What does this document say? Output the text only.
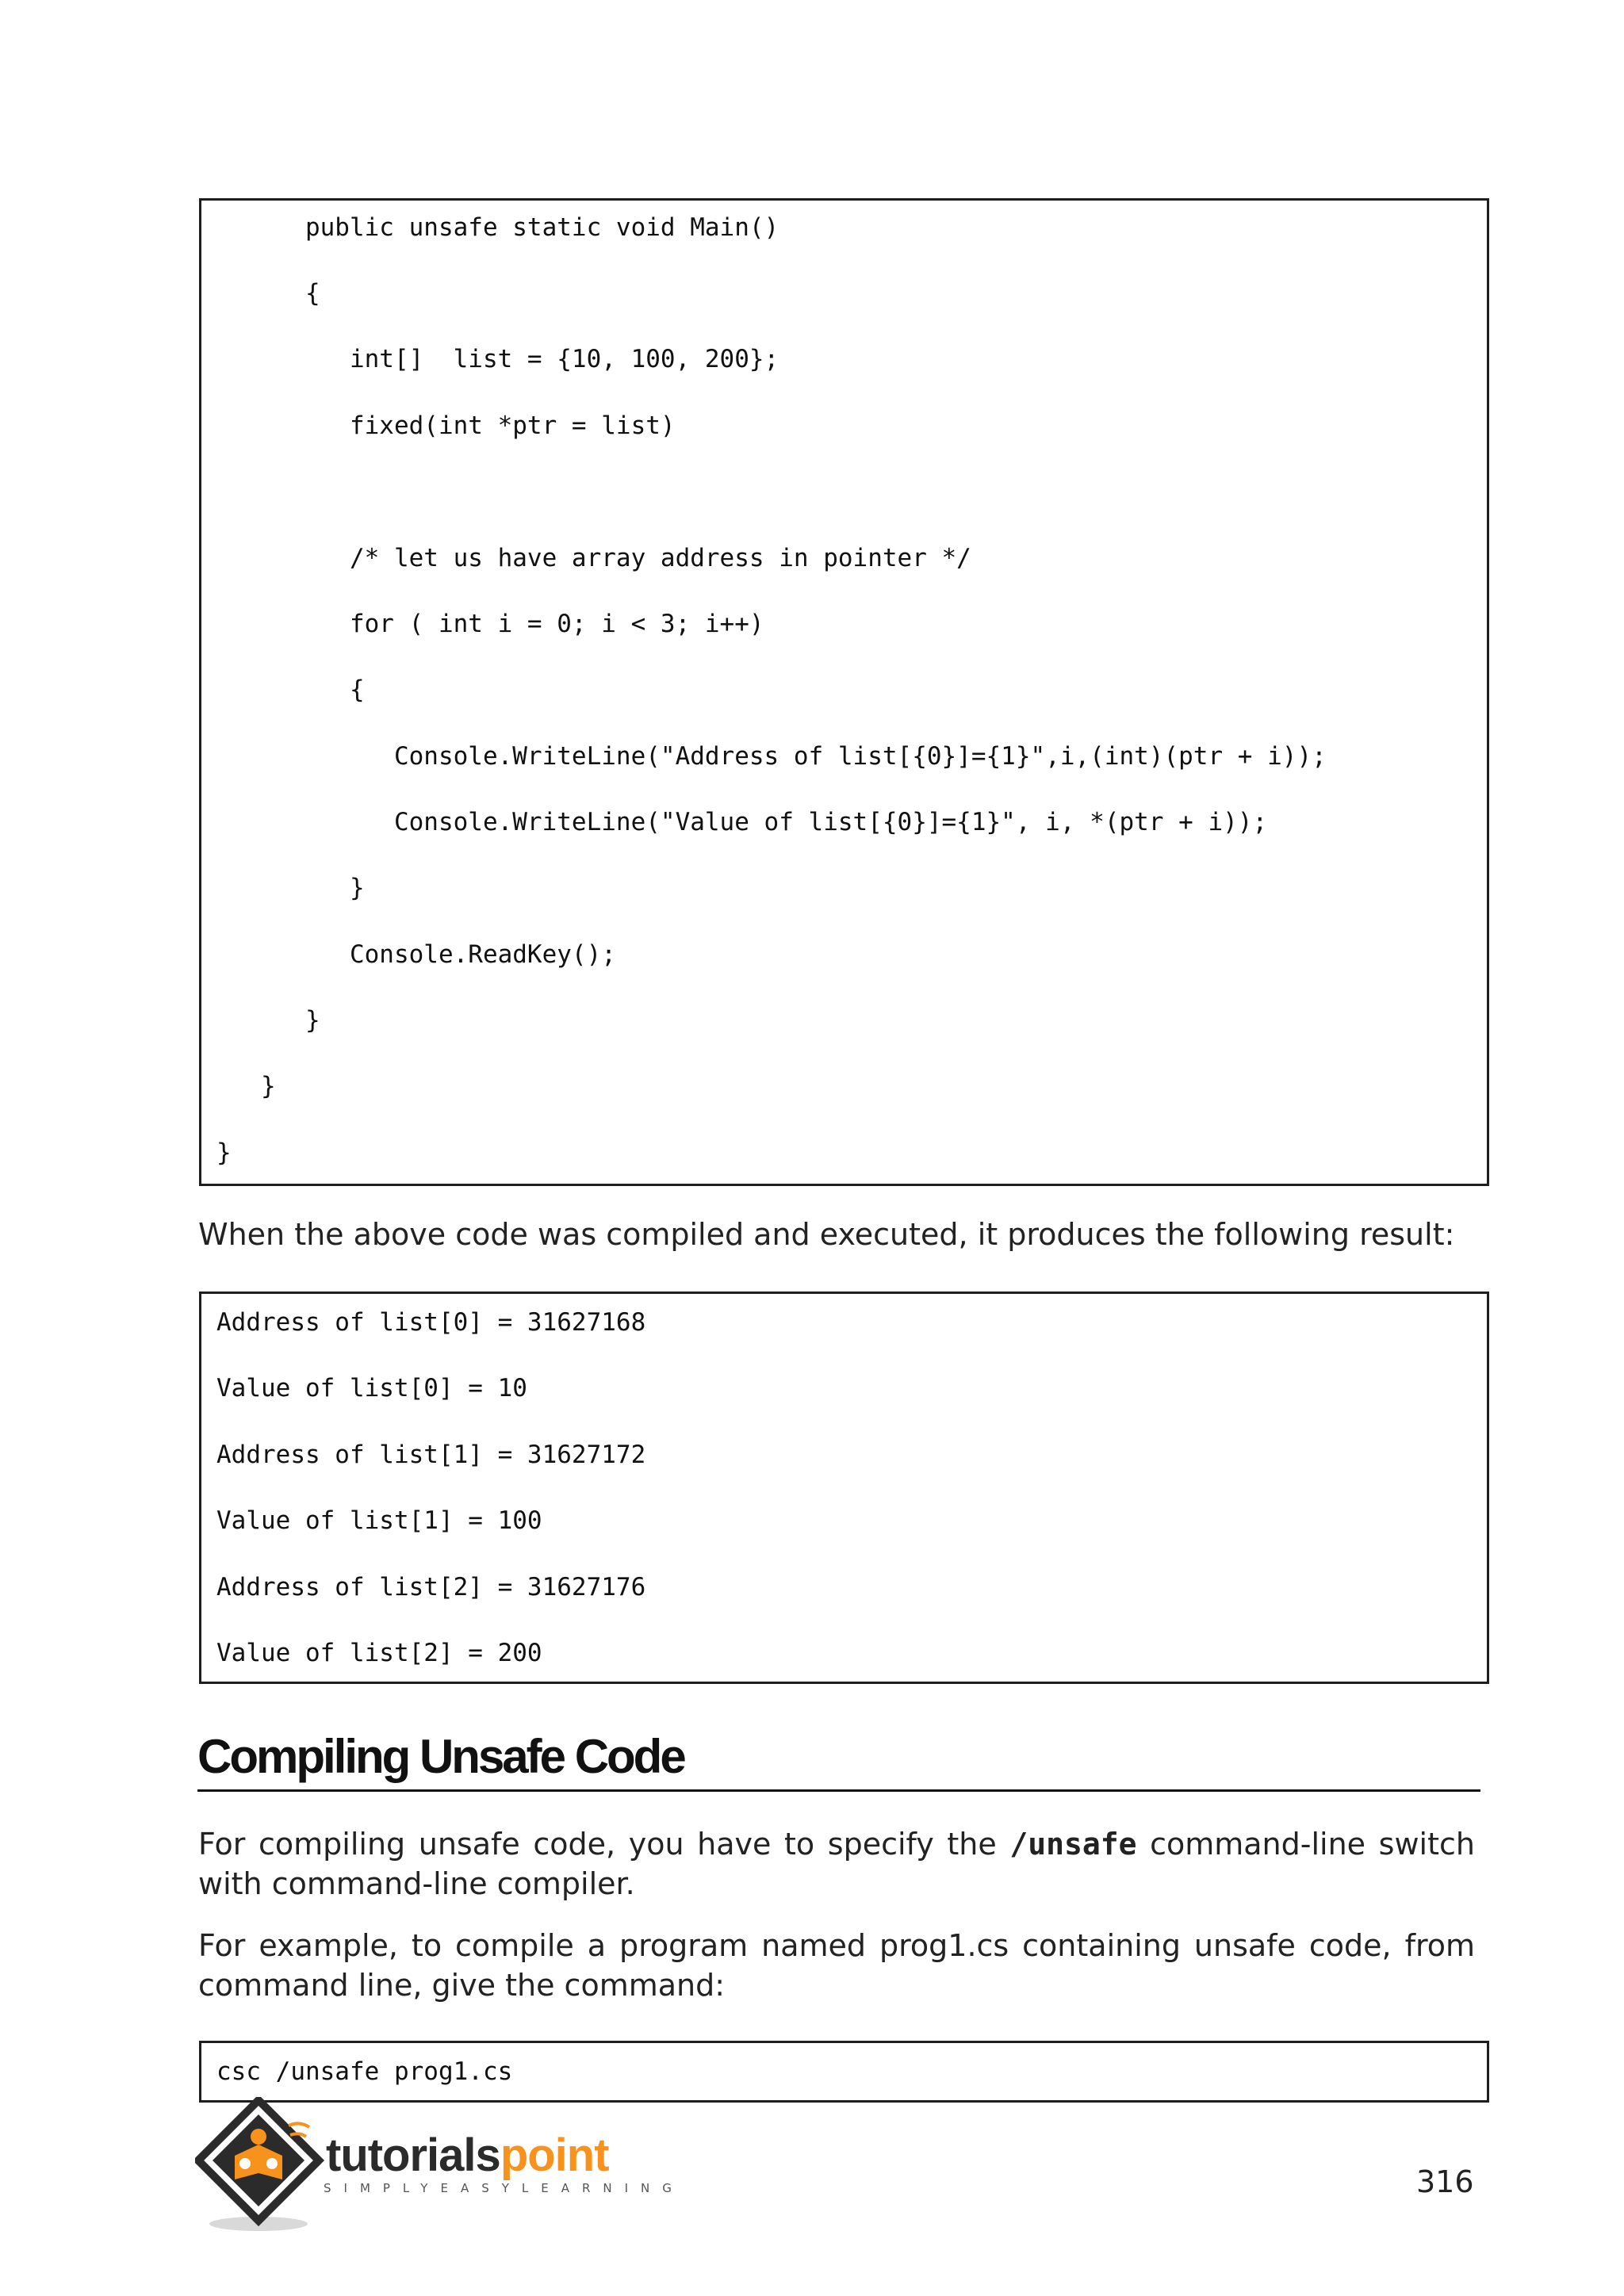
public unsafe static void Main()
{
int[]  list = {10, 100, 200};
fixed(int *ptr = list)
/* let us have array address in pointer */
for ( int i = 0; i < 3; i++)
{
Console.WriteLine("Address of list[{0}]={1}",i,(int)(ptr + i));
Console.WriteLine("Value of list[{0}]={1}", i, *(ptr + i));
}
Console.ReadKey();
}
}
}

When the above code was compiled and executed, it produces the following result:

Address of list[0] = 31627168
Value of list[0] = 10
Address of list[1] = 31627172
Value of list[1] = 100
Address of list[2] = 31627176
Value of list[2] = 200
Compiling Unsafe Code

For compiling unsafe code, you have to specify the /unsafe command-line switch with command-line compiler.

For example, to compile a program named prog1.cs containing unsafe code, from command line, give the command:

csc /unsafe prog1.cs
tutorialspoint
SIMPLYEASYLEARNING	316
